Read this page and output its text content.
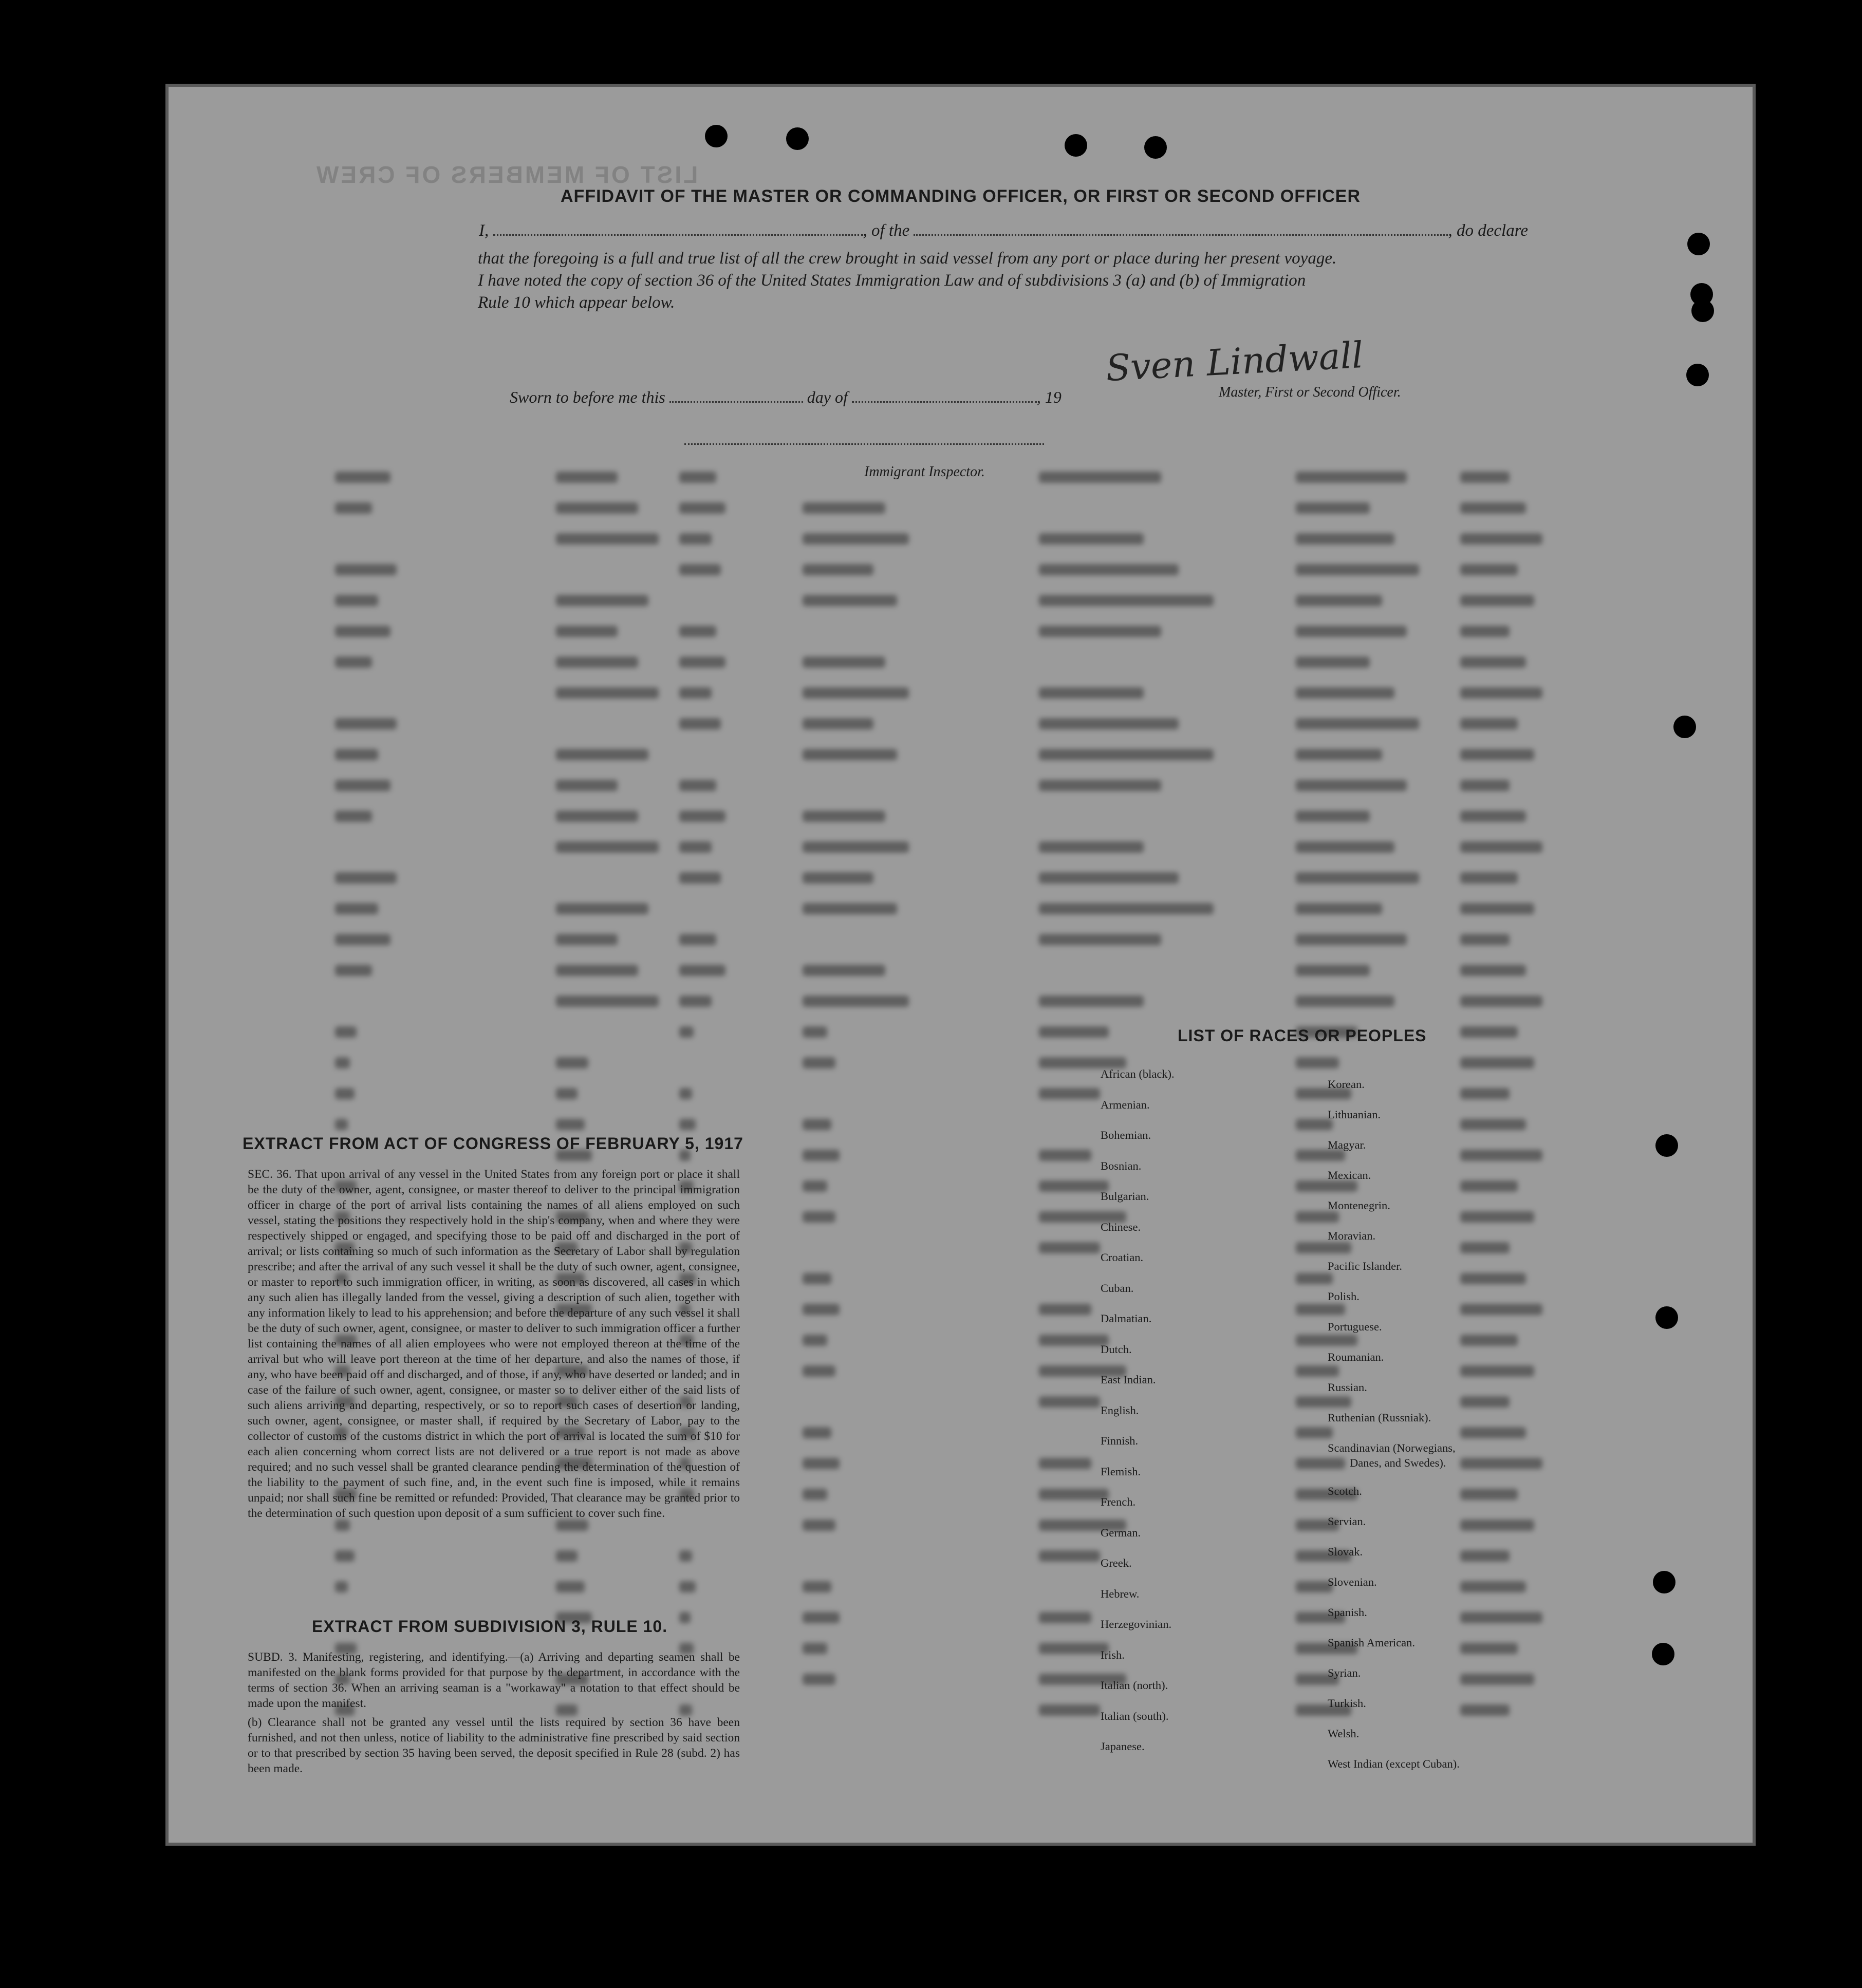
LIST OF MEMBERS OF CREW
AFFIDAVIT OF THE MASTER OR COMMANDING OFFICER, OR FIRST OR SECOND OFFICER
I,	, of the	, do declare
that the foregoing is a full and true list of all the crew brought in said vessel from any port or place during her present voyage.
I have noted the copy of section 36 of the United States Immigration Law and of subdivisions 3 (a) and (b) of Immigration
Rule 10 which appear below.
Sven Lindwall
Master, First or Second Officer.
Sworn to before me this	day of	, 19
Immigrant Inspector.
EXTRACT FROM ACT OF CONGRESS OF FEBRUARY 5, 1917
SEC. 36. That upon arrival of any vessel in the United States from any foreign port or place it shall be the duty of the owner, agent, consignee, or master thereof to deliver to the principal immigration officer in charge of the port of arrival lists containing the names of all aliens employed on such vessel, stating the positions they respectively hold in the ship's company, when and where they were respectively shipped or engaged, and specifying those to be paid off and discharged in the port of arrival; or lists containing so much of such information as the Secretary of Labor shall by regulation prescribe; and after the arrival of any such vessel it shall be the duty of such owner, agent, consignee, or master to report to such immigration officer, in writing, as soon as discovered, all cases in which any such alien has illegally landed from the vessel, giving a description of such alien, together with any information likely to lead to his apprehension; and before the departure of any such vessel it shall be the duty of such owner, agent, consignee, or master to deliver to such immigration officer a further list containing the names of all alien employees who were not employed thereon at the time of the arrival but who will leave port thereon at the time of her departure, and also the names of those, if any, who have been paid off and discharged, and of those, if any, who have deserted or landed; and in case of the failure of such owner, agent, consignee, or master so to deliver either of the said lists of such aliens arriving and departing, respectively, or so to report such cases of desertion or landing, such owner, agent, consignee, or master shall, if required by the Secretary of Labor, pay to the collector of customs of the customs district in which the port of arrival is located the sum of $10 for each alien concerning whom correct lists are not delivered or a true report is not made as above required; and no such vessel shall be granted clearance pending the determination of the question of the liability to the payment of such fine, and, in the event such fine is imposed, while it remains unpaid; nor shall such fine be remitted or refunded: Provided, That clearance may be granted prior to the determination of such question upon deposit of a sum sufficient to cover such fine.
EXTRACT FROM SUBDIVISION 3, RULE 10.
SUBD. 3. Manifesting, registering, and identifying.—(a) Arriving and departing seamen shall be manifested on the blank forms provided for that purpose by the department, in accordance with the terms of section 36. When an arriving seaman is a "workaway" a notation to that effect should be made upon the manifest.
(b) Clearance shall not be granted any vessel until the lists required by section 36 have been furnished, and not then unless, notice of liability to the administrative fine prescribed by said section or to that prescribed by section 35 having been served, the deposit specified in Rule 28 (subd. 2) has been made.
LIST OF RACES OR PEOPLES
African (black).
Armenian.
Bohemian.
Bosnian.
Bulgarian.
Chinese.
Croatian.
Cuban.
Dalmatian.
Dutch.
East Indian.
English.
Finnish.
Flemish.
French.
German.
Greek.
Hebrew.
Herzegovinian.
Irish.
Italian (north).
Italian (south).
Japanese.
Korean.
Lithuanian.
Magyar.
Mexican.
Montenegrin.
Moravian.
Pacific Islander.
Polish.
Portuguese.
Roumanian.
Russian.
Ruthenian (Russniak).
Scandinavian (Norwegians,
Danes, and Swedes).
Scotch.
Servian.
Slovak.
Slovenian.
Spanish.
Spanish American.
Syrian.
Turkish.
Welsh.
West Indian (except Cuban).
